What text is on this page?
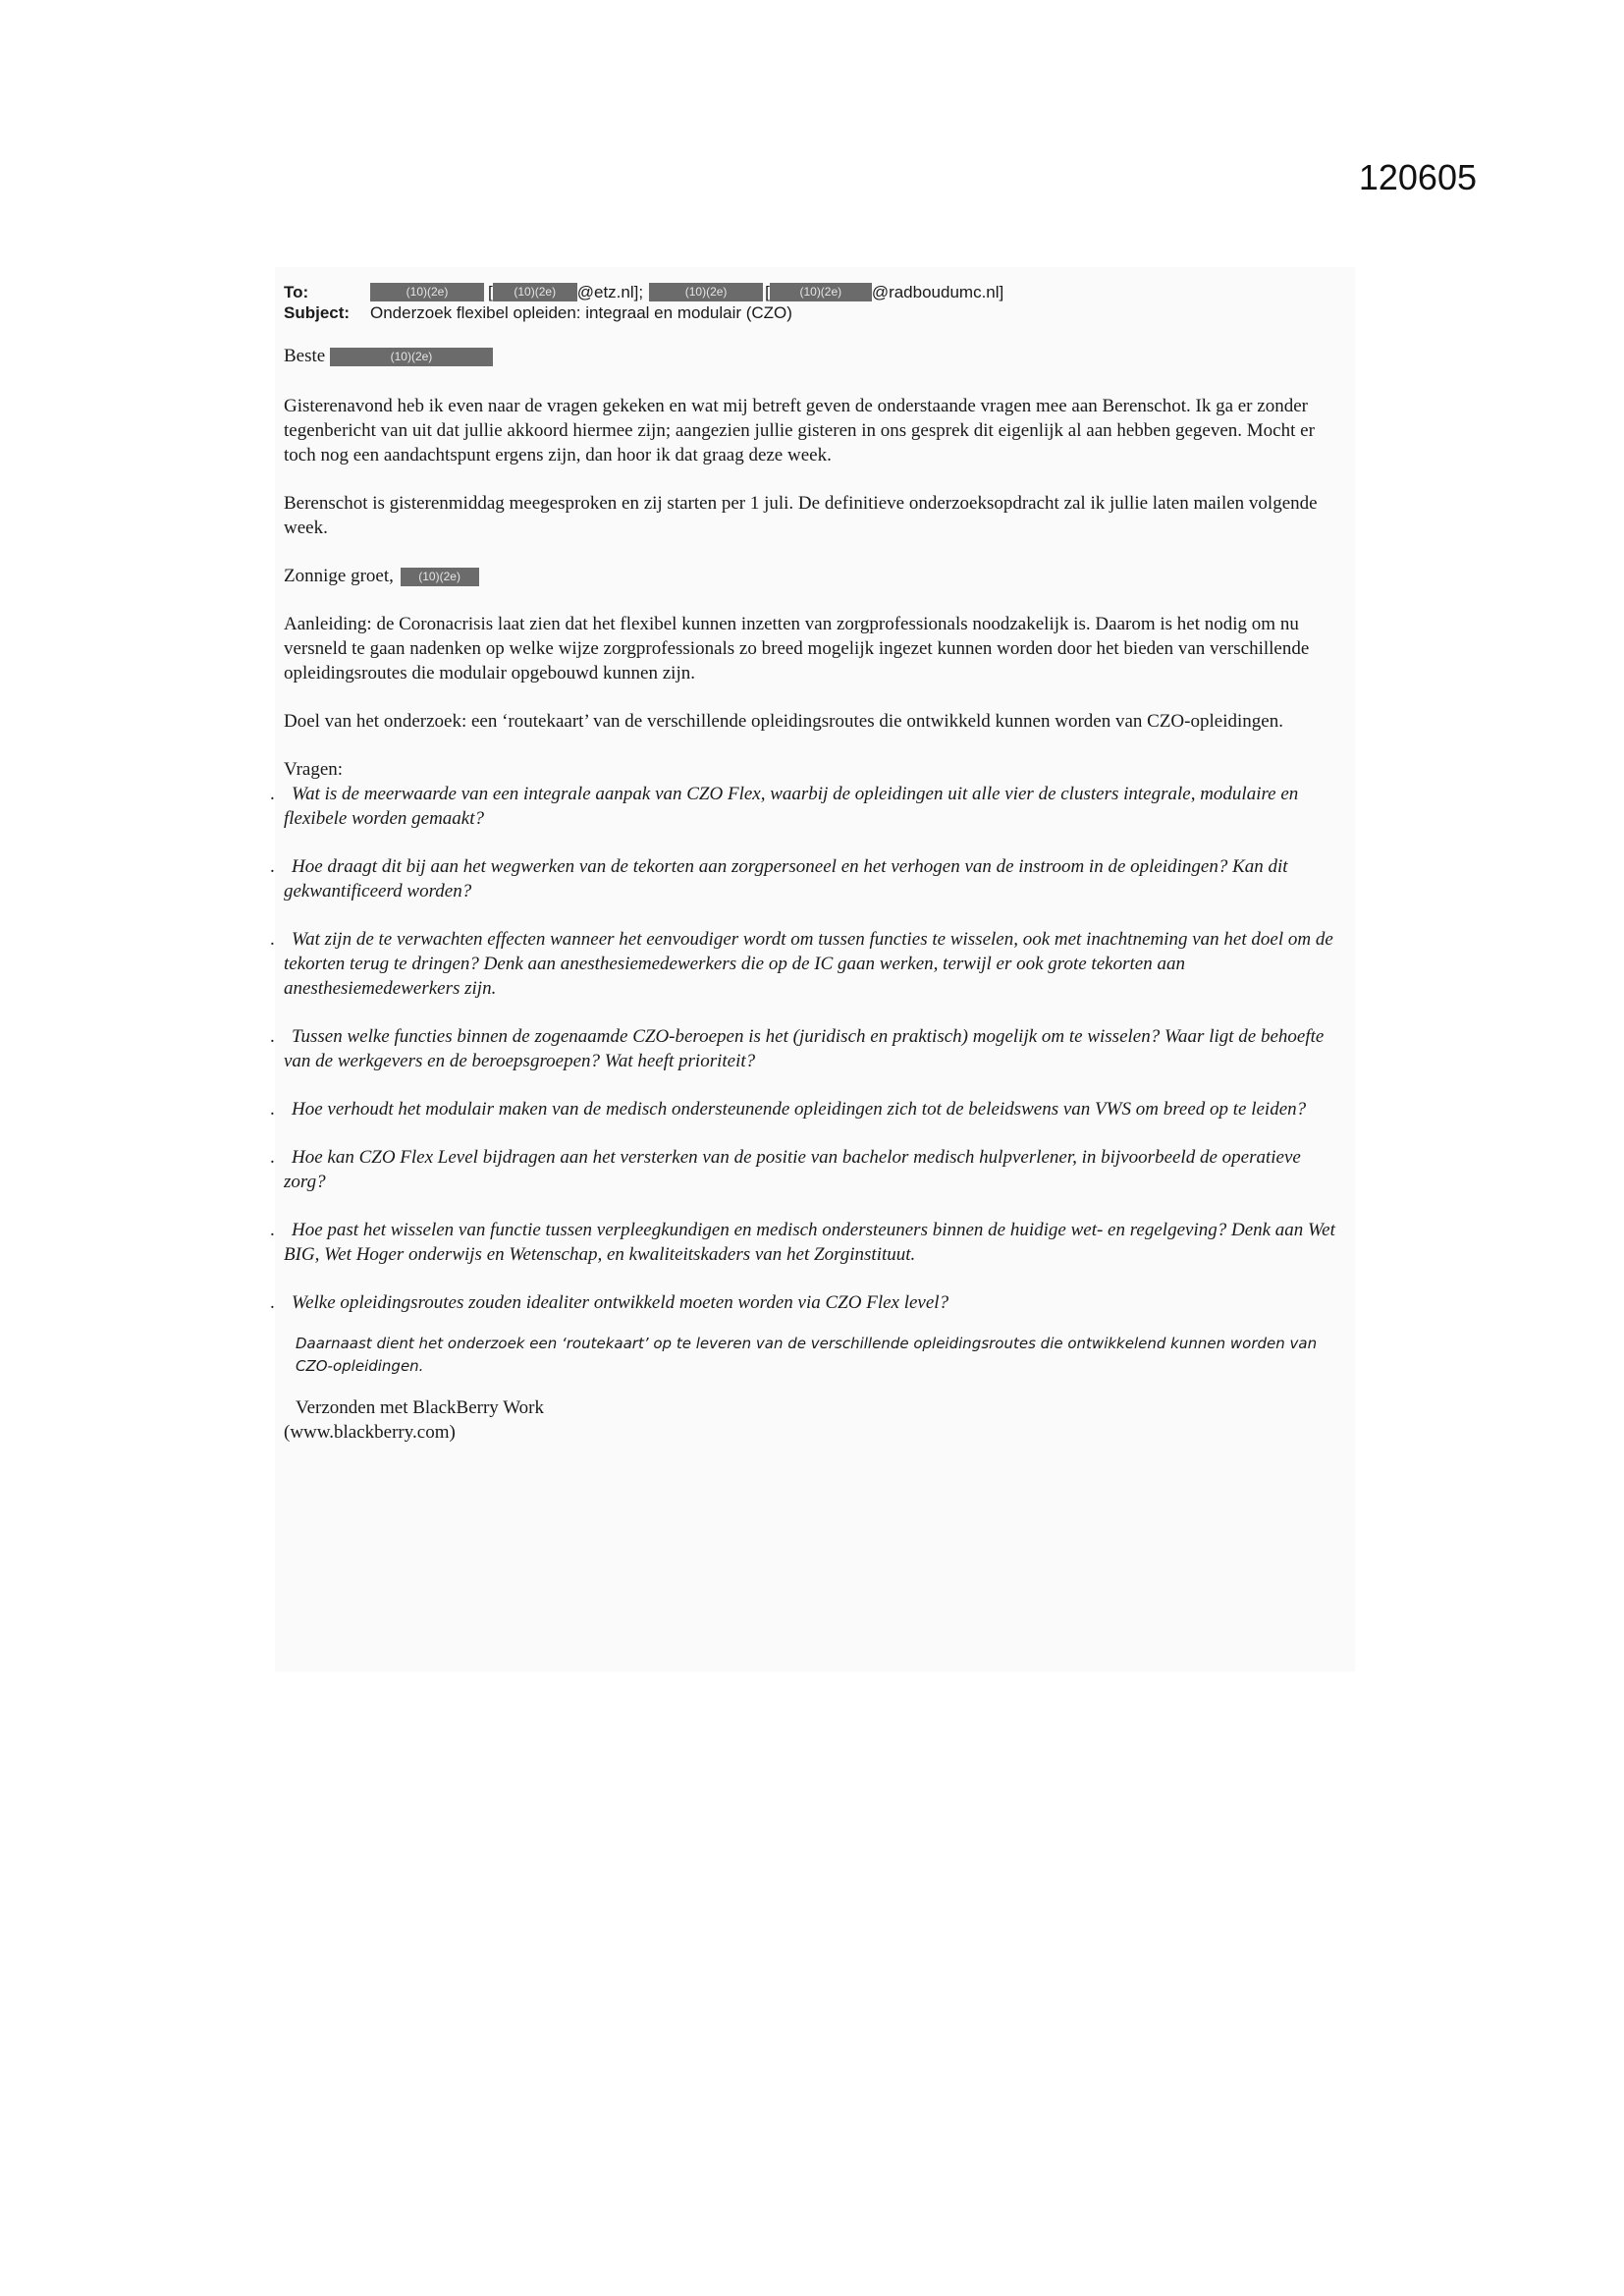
120605
To:	(10)(2e)	[	(10)(2e)	@etz.nl];	(10)(2e)	[	(10)(2e)	@radboudumc.nl]
Subject:	Onderzoek flexibel opleiden: integraal en modulair (CZO)

Beste	(10)(2e)

Gisterenavond heb ik even naar de vragen gekeken en wat mij betreft geven de onderstaande vragen mee aan Berenschot. Ik ga er zonder tegenbericht van uit dat jullie akkoord hiermee zijn; aangezien jullie gisteren in ons gesprek dit eigenlijk al aan hebben gegeven. Mocht er toch nog een aandachtspunt ergens zijn, dan hoor ik dat graag deze week.

Berenschot is gisterenmiddag meegesproken en zij starten per 1 juli. De definitieve onderzoeksopdracht zal ik jullie laten mailen volgende week.

Zonnige groet, (10)(2e)

Aanleiding: de Coronacrisis laat zien dat het flexibel kunnen inzetten van zorgprofessionals noodzakelijk is. Daarom is het nodig om nu versneld te gaan nadenken op welke wijze zorgprofessionals zo breed mogelijk ingezet kunnen worden door het bieden van verschillende opleidingsroutes die modulair opgebouwd kunnen zijn.

Doel van het onderzoek: een ‘routekaart’ van de verschillende opleidingsroutes die ontwikkeld kunnen worden van CZO-opleidingen.

Vragen:

. Wat is de meerwaarde van een integrale aanpak van CZO Flex, waarbij de opleidingen uit alle vier de clusters integrale, modulaire en flexibele worden gemaakt?

. Hoe draagt dit bij aan het wegwerken van de tekorten aan zorgpersoneel en het verhogen van de instroom in de opleidingen? Kan dit gekwantificeerd worden?

. Wat zijn de te verwachten effecten wanneer het eenvoudiger wordt om tussen functies te wisselen, ook met inachtneming van het doel om de tekorten terug te dringen? Denk aan anesthesiemedewerkers die op de IC gaan werken, terwijl er ook grote tekorten aan anesthesiemedewerkers zijn.

. Tussen welke functies binnen de zogenaamde CZO-beroepen is het (juridisch en praktisch) mogelijk om te wisselen? Waar ligt de behoefte van de werkgevers en de beroepsgroepen? Wat heeft prioriteit?

. Hoe verhoudt het modulair maken van de medisch ondersteunende opleidingen zich tot de beleidswens van VWS om breed op te leiden?

. Hoe kan CZO Flex Level bijdragen aan het versterken van de positie van bachelor medisch hulpverlener, in bijvoorbeeld de operatieve zorg?

. Hoe past het wisselen van functie tussen verpleegkundigen en medisch ondersteuners binnen de huidige wet- en regelgeving? Denk aan Wet BIG, Wet Hoger onderwijs en Wetenschap, en kwaliteitskaders van het Zorginstituut.

. Welke opleidingsroutes zouden idealiter ontwikkeld moeten worden via CZO Flex level?

Daarnaast dient het onderzoek een ‘routekaart’ op te leveren van de verschillende opleidingsroutes die ontwikkelend kunnen worden van CZO-opleidingen.

Verzonden met BlackBerry Work
(www.blackberry.com)
